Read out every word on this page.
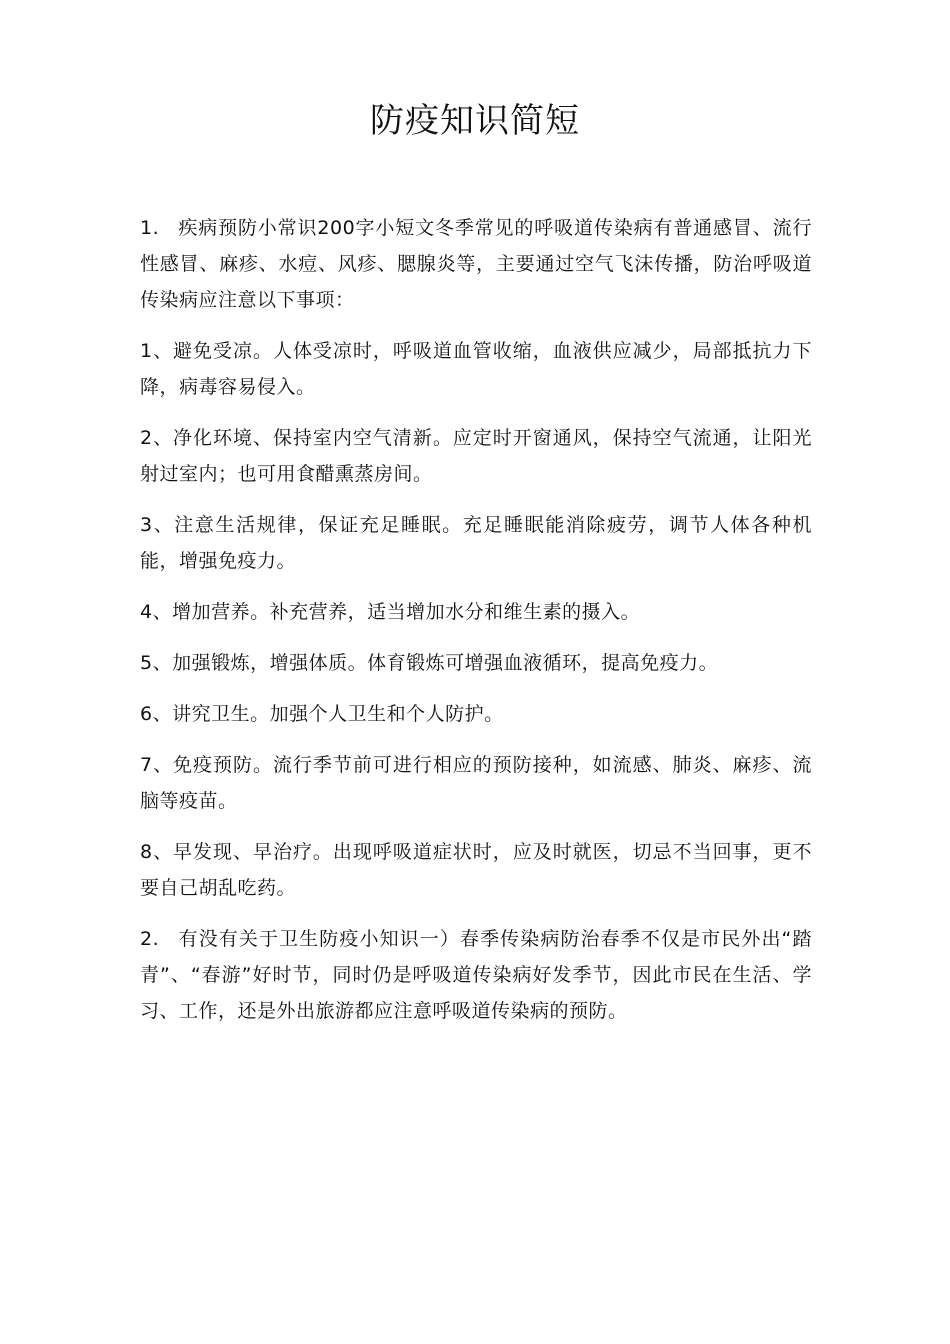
防疫知识简短

1. 疾病预防小常识200字小短文冬季常见的呼吸道传染病有普通感冒、流行性感冒、麻疹、水痘、风疹、腮腺炎等，主要通过空气飞沫传播，防治呼吸道传染病应注意以下事项：

1、避免受凉。人体受凉时，呼吸道血管收缩，血液供应减少，局部抵抗力下降，病毒容易侵入。

2、净化环境、保持室内空气清新。应定时开窗通风，保持空气流通，让阳光射过室内；也可用食醋熏蒸房间。

3、注意生活规律，保证充足睡眠。充足睡眠能消除疲劳，调节人体各种机能，增强免疫力。

4、增加营养。补充营养，适当增加水分和维生素的摄入。

5、加强锻炼，增强体质。体育锻炼可增强血液循环，提高免疫力。

6、讲究卫生。加强个人卫生和个人防护。

7、免疫预防。流行季节前可进行相应的预防接种，如流感、肺炎、麻疹、流脑等疫苗。

8、早发现、早治疗。出现呼吸道症状时，应及时就医，切忌不当回事，更不要自己胡乱吃药。

2. 有没有关于卫生防疫小知识一）春季传染病防治春季不仅是市民外出“踏青”、“春游”好时节，同时仍是呼吸道传染病好发季节，因此市民在生活、学习、工作，还是外出旅游都应注意呼吸道传染病的预防。
